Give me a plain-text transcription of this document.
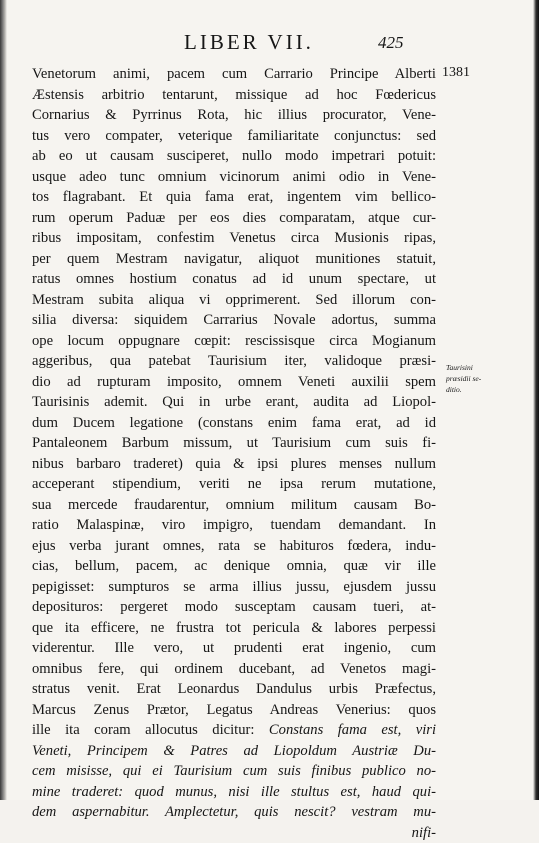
LIBER VII.	425
1381
Taurisini
præsidii se-
ditio.
Venetorum animi, pacem cum Carrario Principe Alberti
Æstensis arbitrio tentarunt, missique ad hoc Fœdericus
Cornarius & Pyrrinus Rota, hic illius procurator, Vene-
tus vero compater, veterique familiaritate conjunctus: sed
ab eo ut causam susciperet, nullo modo impetrari potuit:
usque adeo tunc omnium vicinorum animi odio in Vene-
tos flagrabant. Et quia fama erat, ingentem vim bellico-
rum operum Paduæ per eos dies comparatam, atque cur-
ribus impositam, confestim Venetus circa Musionis ripas,
per quem Mestram navigatur, aliquot munitiones statuit,
ratus omnes hostium conatus ad id unum spectare, ut
Mestram subita aliqua vi opprimerent. Sed illorum con-
silia diversa: siquidem Carrarius Novale adortus, summa
ope locum oppugnare cœpit: rescissisque circa Mogianum
aggeribus, qua patebat Taurisium iter, validoque præsi-
dio ad rupturam imposito, omnem Veneti auxilii spem
Taurisinis ademit. Qui in urbe erant, audita ad Liopol-
dum Ducem legatione (constans enim fama erat, ad id
Pantaleonem Barbum missum, ut Taurisium cum suis fi-
nibus barbaro traderet) quia & ipsi plures menses nullum
acceperant stipendium, veriti ne ipsa rerum mutatione,
sua mercede fraudarentur, omnium militum causam Bo-
ratio Malaspinæ, viro impigro, tuendam demandant. In
ejus verba jurant omnes, rata se habituros fœdera, indu-
cias, bellum, pacem, ac denique omnia, quæ vir ille
pepigisset: sumpturos se arma illius jussu, ejusdem jussu
deposituros: pergeret modo susceptam causam tueri, at-
que ita efficere, ne frustra tot pericula & labores perpessi
viderentur. Ille vero, ut prudenti erat ingenio, cum
omnibus fere, qui ordinem ducebant, ad Venetos magi-
stratus venit. Erat Leonardus Dandulus urbis Præfectus,
Marcus Zenus Prætor, Legatus Andreas Venerius: quos
ille ita coram allocutus dicitur: Constans fama est, viri
Veneti, Principem & Patres ad Liopoldum Austriæ Du-
cem misisse, qui ei Taurisium cum suis finibus publico no-
mine traderet: quod munus, nisi ille stultus est, haud qui-
dem aspernabitur. Amplectetur, quis nescit? vestram mu-
nifi-
